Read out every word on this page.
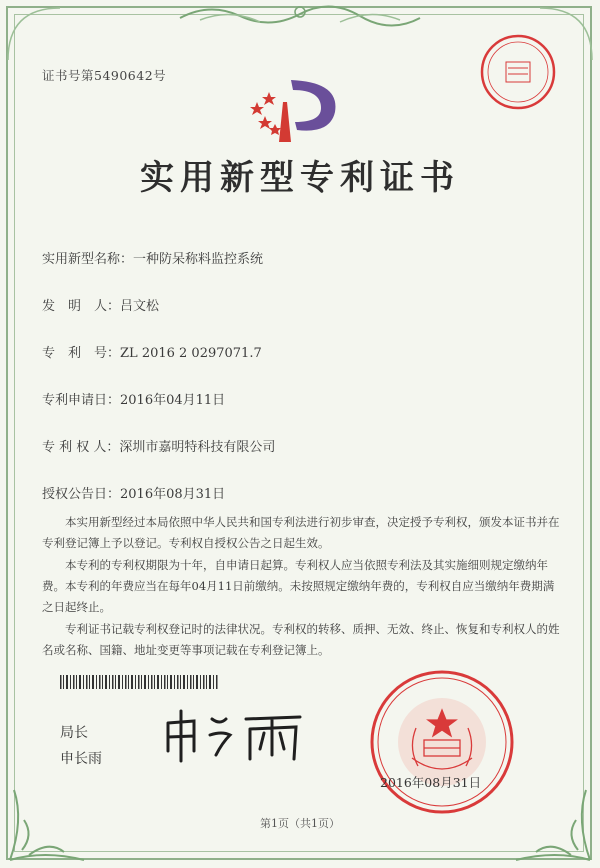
证书号第5490642号
实用新型专利证书
实用新型名称：一种防呆称料监控系统
发　明　人：吕文松
专　利　号：ZL 2016 2 0297071.7
专利申请日：2016年04月11日
专 利 权 人：深圳市嘉明特科技有限公司
授权公告日：2016年08月31日

本实用新型经过本局依照中华人民共和国专利法进行初步审查，决定授予专利权，颁发本证书并在专利登记簿上予以登记。专利权自授权公告之日起生效。

本专利的专利权期限为十年，自申请日起算。专利权人应当依照专利法及其实施细则规定缴纳年费。本专利的年费应当在每年04月11日前缴纳。未按照规定缴纳年费的，专利权自应当缴纳年费期满之日起终止。

专利证书记载专利权登记时的法律状况。专利权的转移、质押、无效、终止、恢复和专利权人的姓名或名称、国籍、地址变更等事项记载在专利登记簿上。

局长
申长雨
2016年08月31日
第1页（共1页）
